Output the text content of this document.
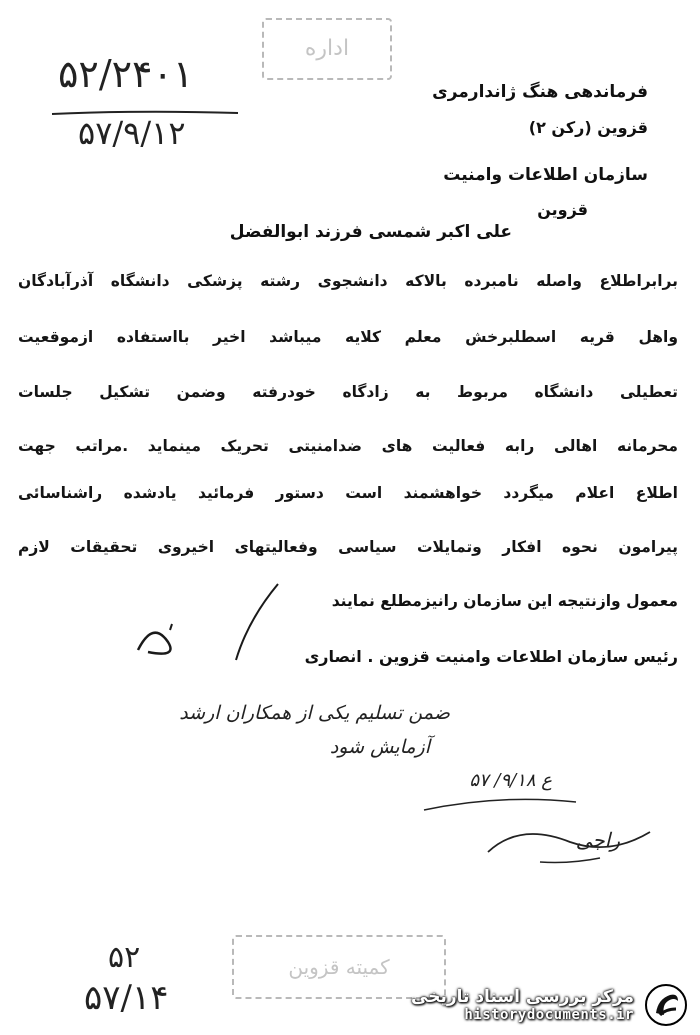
اداره
۵۲/۲۴۰۱
۵۷/۹/۱۲
فرماندهی هنگ ژاندارمری
قزوین (رکن ۲)
سازمان اطلاعات وامنیت
قزوین
علی اکبر شمسی فرزند ابوالفضل
برابراطلاع واصله نامبرده بالاکه دانشجوی رشته پزشکی دانشگاه آذرآبادگان
واهل قریه اسطلبرخش معلم کلایه میباشد اخیر بااستفاده ازموقعیت
تعطیلی دانشگاه مربوط به زادگاه خودرفته وضمن تشکیل جلسات
محرمانه اهالی رابه فعالیت های ضدامنیتی تحریک مینماید .مراتب جهت
اطلاع اعلام میگردد خواهشمند است دستور فرمائید یادشده راشناسائی
پیرامون نحوه افکار وتمایلات سیاسی وفعالیتهای اخیروی تحقیقات لازم
معمول وازنتیجه این سازمان رانیزمطلع نمایند
رئیس سازمان اطلاعات وامنیت قزوین . انصاری
ضمن تسلیم یکی از همکاران ارشد
آزمایش شود
ع ۹/۱۸/ ۵۷
راجی
۵۲
۵۷/۱۴
کمیته قزوین
مرکز بررسی اسناد تاریخی
historydocuments.ir
